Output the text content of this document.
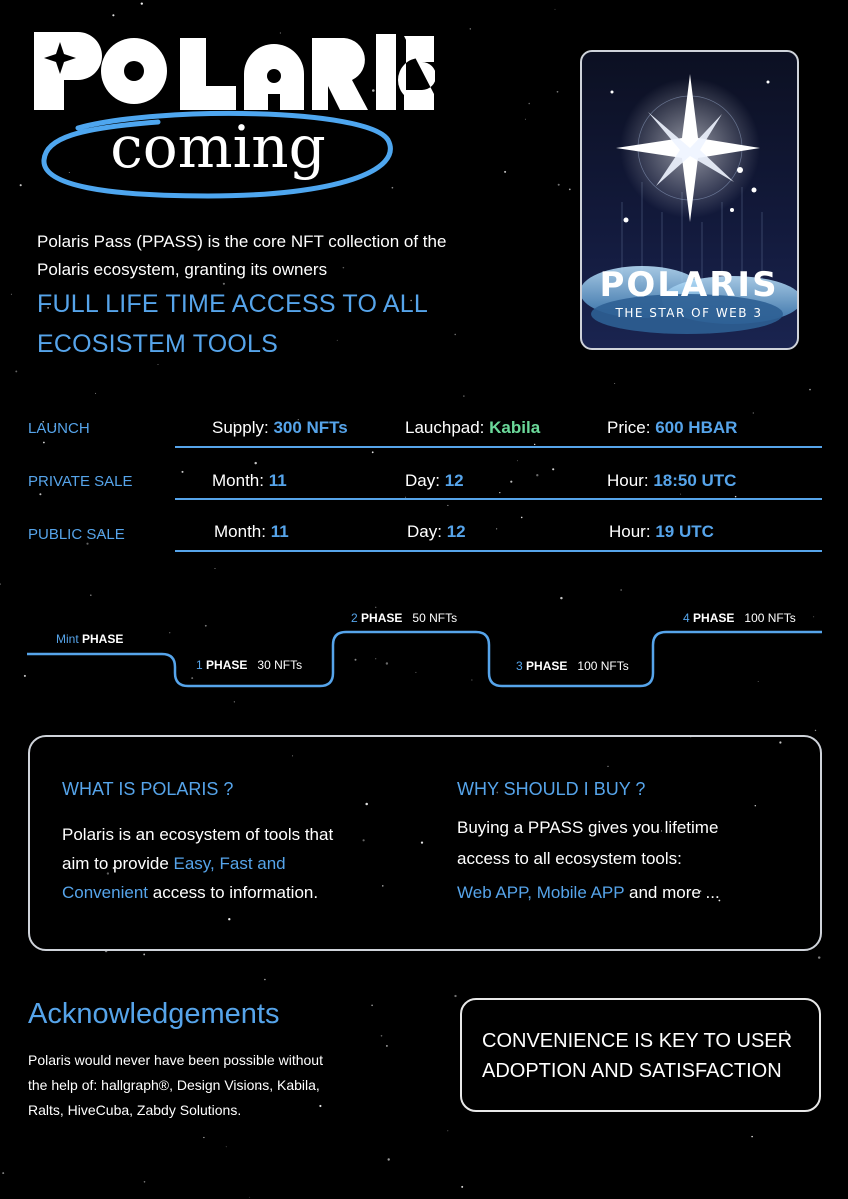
coming
Polaris Pass (PPASS) is the core NFT collection of the Polaris ecosystem, granting its owners
FULL LIFE TIME ACCESS TO ALL
ECOSISTEM TOOLS
POLARIS
THE STAR OF WEB 3
LAUNCH	Supply: 300 NFTs	Lauchpad: Kabila	Price: 600 HBAR
PRIVATE SALE	Month: 11	Day: 12	Hour: 18:50 UTC
PUBLIC SALE	Month: 11	Day: 12	Hour: 19 UTC
Mint PHASE
1 PHASE 30 NFTs
2 PHASE 50 NFTs
3 PHASE 100 NFTs
4 PHASE 100 NFTs
WHAT IS POLARIS ?
Polaris is an ecosystem of tools that
aim to provide Easy, Fast and
Convenient access to information.
WHY SHOULD I BUY ?
Buying a PPASS gives you lifetime
access to all ecosystem tools:
Web APP, Mobile APP and more ...
Acknowledgements
Polaris would never have been possible without
the help of: hallgraph®, Design Visions, Kabila,
Ralts, HiveCuba, Zabdy Solutions.
CONVENIENCE IS KEY TO USER
ADOPTION AND SATISFACTION
